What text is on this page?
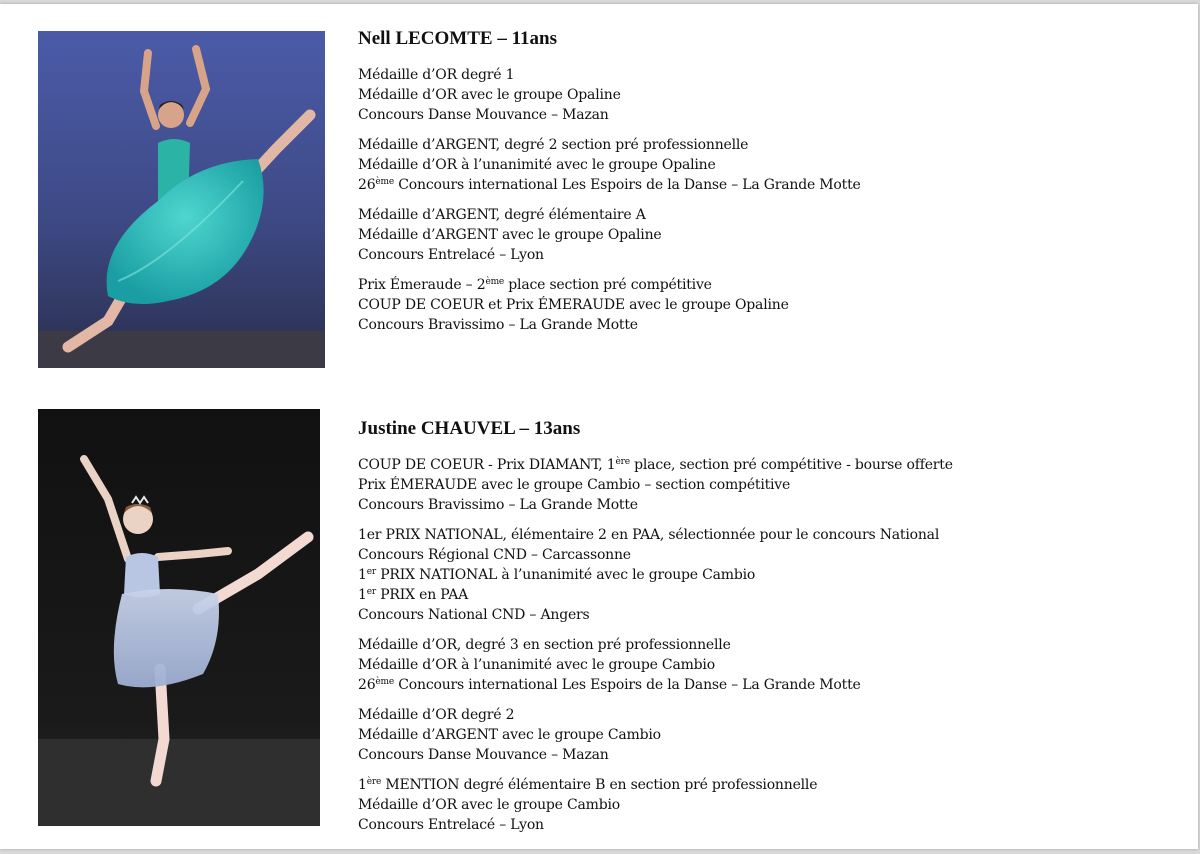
Nell LECOMTE – 11ans
Médaille d’OR degré 1
Médaille d’OR avec le groupe Opaline
Concours Danse Mouvance – Mazan
Médaille d’ARGENT, degré 2 section pré professionnelle
Médaille d’OR à l’unanimité avec le groupe Opaline
26ème Concours international Les Espoirs de la Danse – La Grande Motte
Médaille d’ARGENT, degré élémentaire A
Médaille d’ARGENT avec le groupe Opaline
Concours Entrelacé – Lyon
Prix Émeraude – 2ème place section pré compétitive
COUP DE COEUR et Prix ÉMERAUDE avec le groupe Opaline
Concours Bravissimo – La Grande Motte
Justine CHAUVEL – 13ans
COUP DE COEUR - Prix DIAMANT, 1ère place, section pré compétitive - bourse offerte
Prix ÉMERAUDE avec le groupe Cambio – section compétitive
Concours Bravissimo – La Grande Motte
1er PRIX NATIONAL, élémentaire 2 en PAA, sélectionnée pour le concours National
Concours Régional CND – Carcassonne
1er PRIX NATIONAL à l’unanimité avec le groupe Cambio
1er PRIX en PAA
Concours National CND – Angers
Médaille d’OR, degré 3 en section pré professionnelle
Médaille d’OR à l’unanimité avec le groupe Cambio
26ème Concours international Les Espoirs de la Danse – La Grande Motte
Médaille d’OR degré 2
Médaille d’ARGENT avec le groupe Cambio
Concours Danse Mouvance – Mazan
1ère MENTION degré élémentaire B en section pré professionnelle
Médaille d’OR avec le groupe Cambio
Concours Entrelacé – Lyon
